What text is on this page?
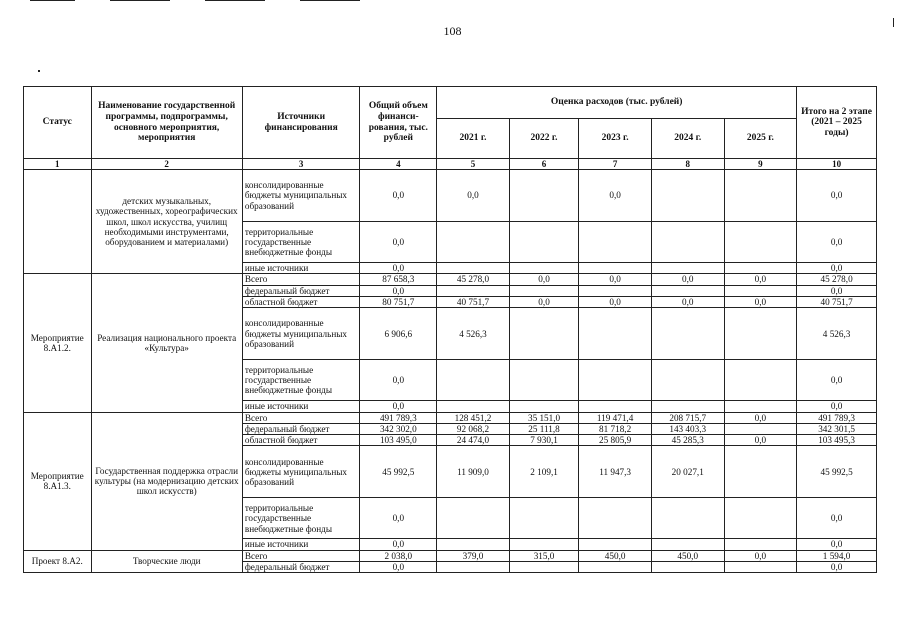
108
Статус	Наименование государственной программы, подпрограммы, основного мероприятия, мероприятия	Источники финансирования	Общий объем финанси-рования, тыс. рублей	Оценка расходов (тыс. рублей)					Итого на 2 этапе (2021 – 2025 годы)
				2021 г.	2022 г.	2023 г.	2024 г.	2025 г.	
1	2	3	4	5	6	7	8	9	10
	детских музыкальных, художественных, хореографических школ, школ искусства, училищ необходимыми инструментами, оборудованием и материалами)	консолидированные бюджеты муниципальных образований	0,0	0,0		0,0			0,0
		территориальные государственные внебюджетные фонды	0,0						0,0
		иные источники	0,0						0,0
Мероприятие 8.А1.2.	Реализация национального проекта «Культура»	Всего	87 658,3	45 278,0	0,0	0,0	0,0	0,0	45 278,0
		федеральный бюджет	0,0						0,0
		областной бюджет	80 751,7	40 751,7	0,0	0,0	0,0	0,0	40 751,7
		консолидированные бюджеты муниципальных образований	6 906,6	4 526,3					4 526,3
		территориальные государственные внебюджетные фонды	0,0						0,0
		иные источники	0,0						0,0
Мероприятие 8.А1.3.	Государственная поддержка отрасли культуры (на модернизацию детских школ искусств)	Всего	491 789,3	128 451,2	35 151,0	119 471,4	208 715,7	0,0	491 789,3
		федеральный бюджет	342 302,0	92 068,2	25 111,8	81 718,2	143 403,3		342 301,5
		областной бюджет	103 495,0	24 474,0	7 930,1	25 805,9	45 285,3	0,0	103 495,3
		консолидированные бюджеты муниципальных образований	45 992,5	11 909,0	2 109,1	11 947,3	20 027,1		45 992,5
		территориальные государственные внебюджетные фонды	0,0						0,0
		иные источники	0,0						0,0
Проект 8.А2.	Творческие люди	Всего	2 038,0	379,0	315,0	450,0	450,0	0,0	1 594,0
		федеральный бюджет	0,0						0,0
